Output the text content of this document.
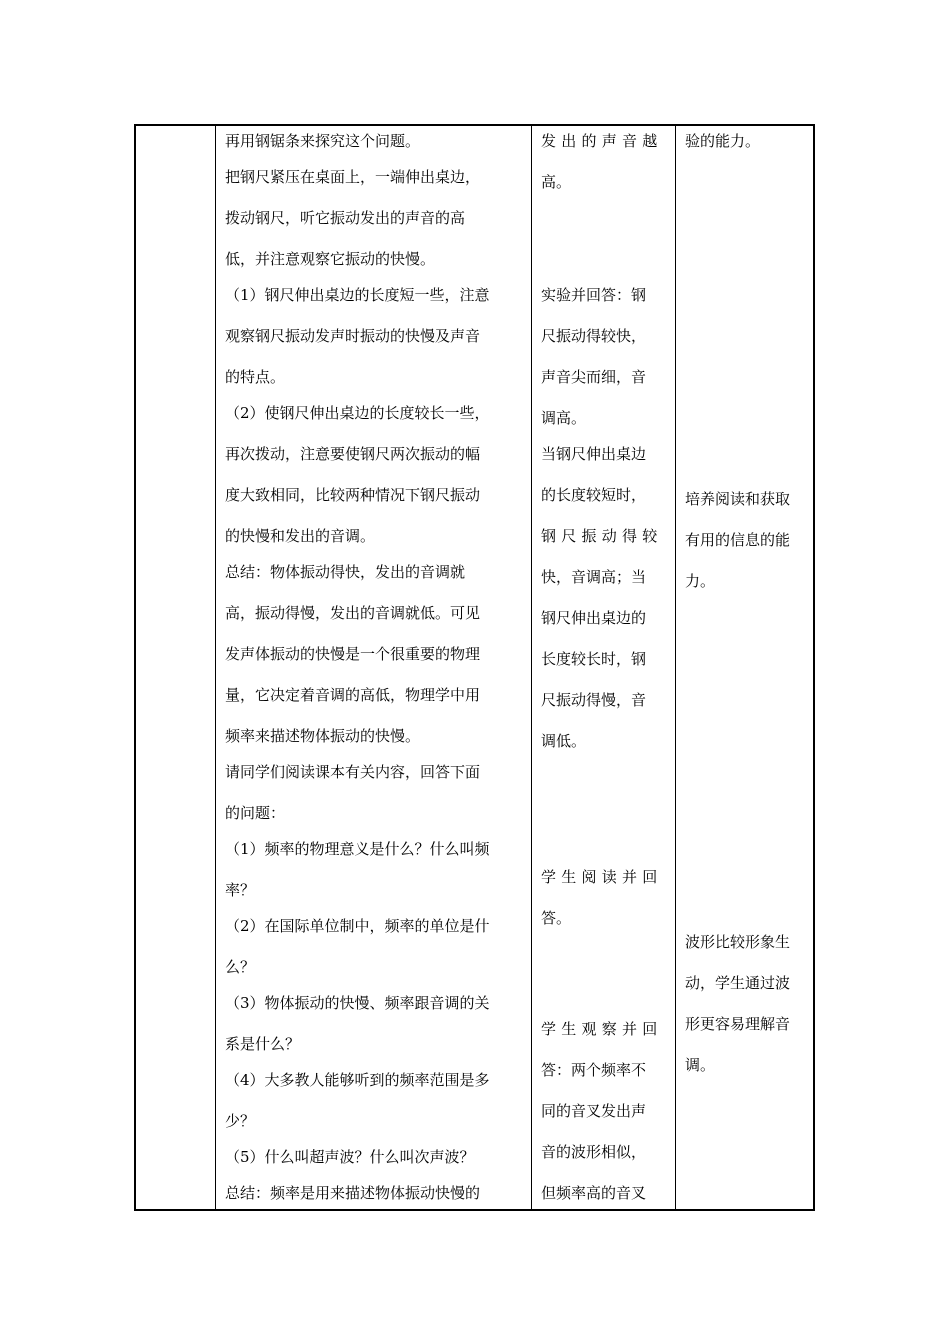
再用钢锯条来探究这个问题。
把钢尺紧压在桌面上，一端伸出桌边，
拨动钢尺，听它振动发出的声音的高
低，并注意观察它振动的快慢。
（1）钢尺伸出桌边的长度短一些，注意
观察钢尺振动发声时振动的快慢及声音
的特点。
（2）使钢尺伸出桌边的长度较长一些，
再次拨动，注意要使钢尺两次振动的幅
度大致相同，比较两种情况下钢尺振动
的快慢和发出的音调。
总结：物体振动得快，发出的音调就
高，振动得慢，发出的音调就低。可见
发声体振动的快慢是一个很重要的物理
量，它决定着音调的高低，物理学中用
频率来描述物体振动的快慢。
请同学们阅读课本有关内容，回答下面
的问题：
（1）频率的物理意义是什么？什么叫频
率？
（2）在国际单位制中，频率的单位是什
么？
（3）物体振动的快慢、频率跟音调的关
系是什么？
（4）大多教人能够听到的频率范围是多
少？
（5）什么叫超声波？什么叫次声波？
总结：频率是用来描述物体振动快慢的
发出的声音越
高。
实验并回答：钢
尺振动得较快，
声音尖而细，音
调高。
当钢尺伸出桌边
的长度较短时，
钢尺振动得较
快，音调高；当
钢尺伸出桌边的
长度较长时，钢
尺振动得慢，音
调低。
学生阅读并回
答。
学生观察并回
答：两个频率不
同的音叉发出声
音的波形相似，
但频率高的音叉
验的能力。
培养阅读和获取
有用的信息的能
力。
波形比较形象生
动，学生通过波
形更容易理解音
调。
